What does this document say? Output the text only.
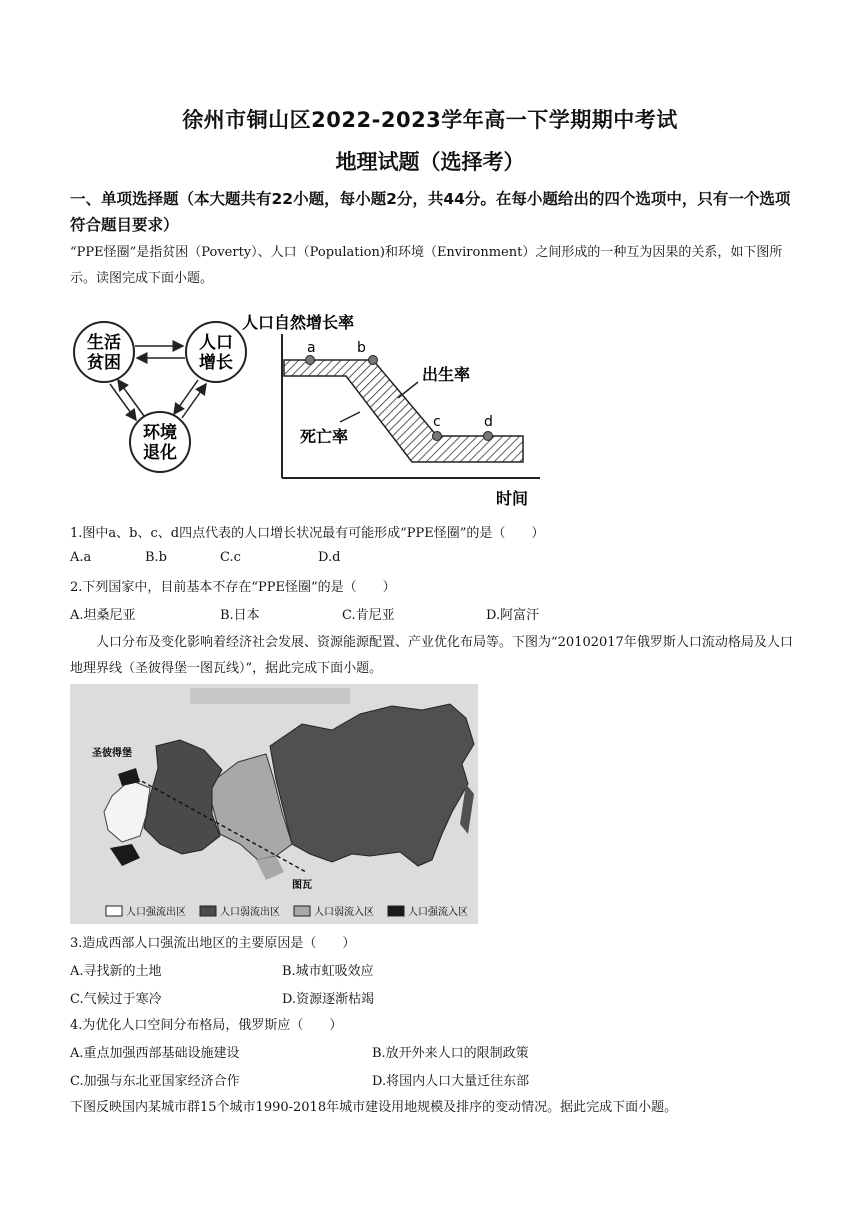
徐州市铜山区2022-2023学年高一下学期期中考试
地理试题（选择考）
一、单项选择题（本大题共有22小题，每小题2分，共44分。在每小题给出的四个选项中，只有一个选项符合题目要求）
“PPE怪圈”是指贫困（Poverty）、人口（Population)和环境（Environment）之间形成的一种互为因果的关系，如下图所示。读图完成下面小题。
生活
贫困
人口
增长
环境
退化
人口自然增长率
a	b
c	d
出生率
死亡率
时间
1.图中a、b、c、d四点代表的人口增长状况最有可能形成“PPE怪圈”的是（　　）
A.a	B.b	C.c	D.d
2.下列国家中，目前基本不存在“PPE怪圈”的是（　　）
A.坦桑尼亚	B.日本	C.肯尼亚	D.阿富汗
人口分布及变化影响着经济社会发展、资源能源配置、产业优化布局等。下图为“20102017年俄罗斯人口流动格局及人口地理界线（圣彼得堡一图瓦线）”，据此完成下面小题。
圣彼得堡
图瓦
人口强流出区	人口弱流出区	人口弱流入区	人口强流入区
3.造成西部人口强流出地区的主要原因是（　　）
A.寻找新的土地	B.城市虹吸效应
C.气候过于寒冷	D.资源逐渐枯竭
4.为优化人口空间分布格局，俄罗斯应（　　）
A.重点加强西部基础设施建设	B.放开外来人口的限制政策
C.加强与东北亚国家经济合作	D.将国内人口大量迁往东部
下图反映国内某城市群15个城市1990-2018年城市建设用地规模及排序的变动情况。据此完成下面小题。
